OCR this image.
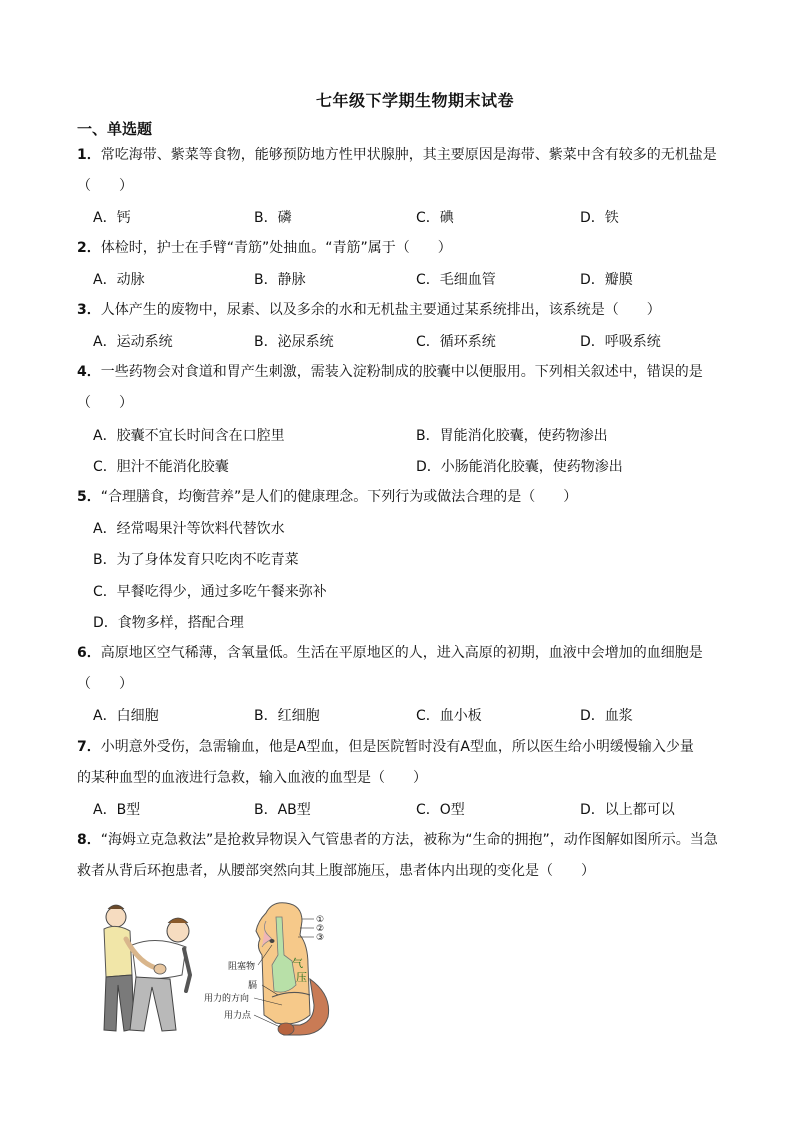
七年级下学期生物期末试卷
一、单选题
1．常吃海带、紫菜等食物，能够预防地方性甲状腺肿，其主要原因是海带、紫菜中含有较多的无机盐是
（　　）
A．钙	B．磷	C．碘	D．铁
2．体检时，护士在手臂“青筋”处抽血。“青筋”属于（　　）
A．动脉	B．静脉	C．毛细血管	D．瓣膜
3．人体产生的废物中，尿素、以及多余的水和无机盐主要通过某系统排出，该系统是（　　）
A．运动系统	B．泌尿系统	C．循环系统	D．呼吸系统
4．一些药物会对食道和胃产生刺激，需装入淀粉制成的胶囊中以便服用。下列相关叙述中，错误的是
（　　）
A．胶囊不宜长时间含在口腔里	B．胃能消化胶囊，使药物渗出
C．胆汁不能消化胶囊	D．小肠能消化胶囊，使药物渗出
5．“合理膳食，均衡营养”是人们的健康理念。下列行为或做法合理的是（　　）
A．经常喝果汁等饮料代替饮水
B．为了身体发育只吃肉不吃青菜
C．早餐吃得少，通过多吃午餐来弥补
D．食物多样，搭配合理
6．高原地区空气稀薄，含氧量低。生活在平原地区的人，进入高原的初期，血液中会增加的血细胞是
（　　）
A．白细胞	B．红细胞	C．血小板	D．血浆
7．小明意外受伤，急需输血，他是A型血，但是医院暂时没有A型血，所以医生给小明缓慢输入少量
的某种血型的血液进行急救，输入血液的血型是（　　）
A．B型	B．AB型	C．O型	D．以上都可以
8．“海姆立克急救法”是抢救异物误入气管患者的方法，被称为“生命的拥抱”，动作图解如图所示。当急
救者从背后环抱患者，从腰部突然向其上腹部施压，患者体内出现的变化是（　　）
①
②
③
阻塞物
膈
用力的方向
用力点
气
压
